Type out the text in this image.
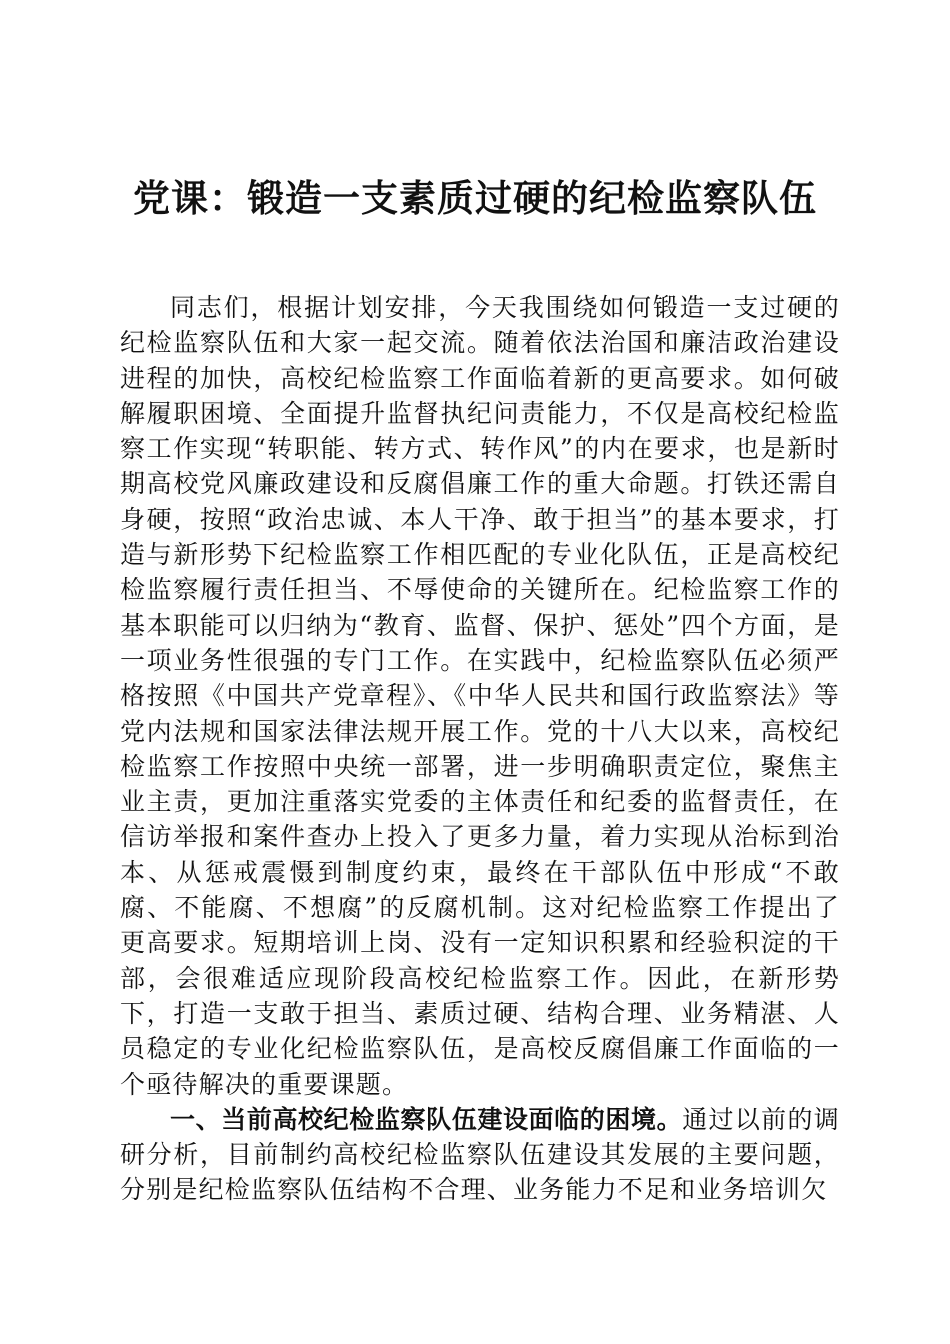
党课：锻造一支素质过硬的纪检监察队伍

同志们，根据计划安排，今天我围绕如何锻造一支过硬的纪检监察队伍和大家一起交流。随着依法治国和廉洁政治建设进程的加快，高校纪检监察工作面临着新的更高要求。如何破解履职困境、全面提升监督执纪问责能力，不仅是高校纪检监察工作实现“转职能、转方式、转作风”的内在要求，也是新时期高校党风廉政建设和反腐倡廉工作的重大命题。打铁还需自身硬，按照“政治忠诚、本人干净、敢于担当”的基本要求，打造与新形势下纪检监察工作相匹配的专业化队伍，正是高校纪检监察履行责任担当、不辱使命的关键所在。纪检监察工作的基本职能可以归纳为“教育、监督、保护、惩处”四个方面，是一项业务性很强的专门工作。在实践中，纪检监察队伍必须严格按照《中国共产党章程》、《中华人民共和国行政监察法》等党内法规和国家法律法规开展工作。党的十八大以来，高校纪检监察工作按照中央统一部署，进一步明确职责定位，聚焦主业主责，更加注重落实党委的主体责任和纪委的监督责任，在信访举报和案件查办上投入了更多力量，着力实现从治标到治本、从惩戒震慑到制度约束，最终在干部队伍中形成“不敢腐、不能腐、不想腐”的反腐机制。这对纪检监察工作提出了更高要求。短期培训上岗、没有一定知识积累和经验积淀的干部，会很难适应现阶段高校纪检监察工作。因此，在新形势下，打造一支敢于担当、素质过硬、结构合理、业务精湛、人员稳定的专业化纪检监察队伍，是高校反腐倡廉工作面临的一个亟待解决的重要课题。

一、当前高校纪检监察队伍建设面临的困境。通过以前的调研分析，目前制约高校纪检监察队伍建设其发展的主要问题，分别是纪检监察队伍结构不合理、业务能力不足和业务培训欠
